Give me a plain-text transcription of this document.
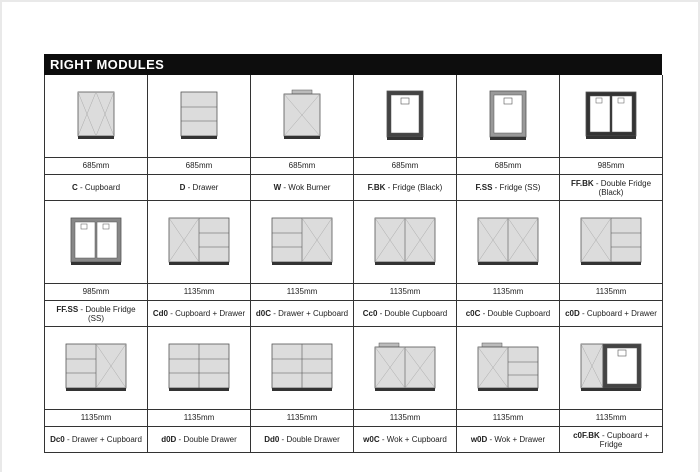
RIGHT MODULES
685mm
C - Cupboard
685mm
D - Drawer
685mm
W - Wok Burner
685mm
F.BK - Fridge (Black)
685mm
F.SS - Fridge (SS)
985mm
FF.BK - Double Fridge (Black)
985mm
FF.SS - Double Fridge (SS)
1135mm
Cd0 - Cupboard + Drawer
1135mm
d0C - Drawer + Cupboard
1135mm
Cc0 - Double Cupboard
1135mm
c0C - Double Cupboard
1135mm
c0D - Cupboard + Drawer
1135mm
Dc0 - Drawer + Cupboard
1135mm
d0D - Double Drawer
1135mm
Dd0 - Double Drawer
1135mm
w0C - Wok + Cupboard
1135mm
w0D - Wok + Drawer
1135mm
c0F.BK - Cupboard + Fridge
